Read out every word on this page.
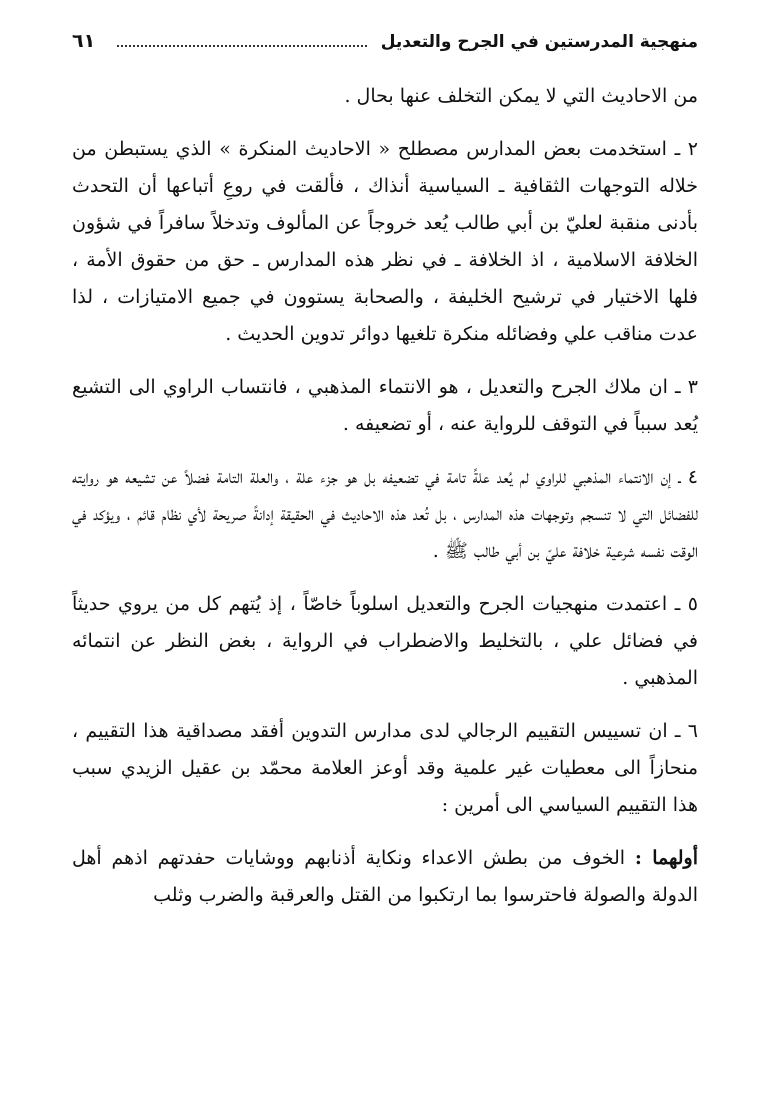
منهجية المدرستين في الجرح والتعديل
٦١

من الاحاديث التي لا يمكن التخلف عنها بحال .

٢ ـ استخدمت بعض المدارس مصطلح « الاحاديث المنكرة » الذي يستبطن من خلاله التوجهات الثقافية ـ السياسية أنذاك ، فألقت في روعِ أتباعها أن التحدث بأدنى منقبة لعليّ بن أبي طالب يُعد خروجاً عن المألوف وتدخلاً سافراً في شؤون الخلافة الاسلامية ، اذ الخلافة ـ في نظر هذه المدارس ـ حق من حقوق الأمة ، فلها الاختيار في ترشيح الخليفة ، والصحابة يستوون في جميع الامتيازات ، لذا عدت مناقب علي وفضائله منكرة تلغيها دوائر تدوين الحديث .

٣ ـ ان ملاك الجرح والتعديل ، هو الانتماء المذهبي ، فانتساب الراوي الى التشيع يُعد سبباً في التوقف للرواية عنه ، أو تضعيفه .

٤ ـ إن الانتماء المذهبي للراوي لم يُعد علةً تامة في تضعيفه بل هو جزء علة ، والعلة التامة فضلاً عن تشيعه هو روايته للفضائل التي لا تنسجم وتوجهات هذه المدارس ، بل تُعد هذه الاحاديث في الحقيقة إدانةً صريحة لأي نظام قائم ، ويؤكد في الوقت نفسه شرعية خلافة عليّ بن أبي طالب ﷺ .

٥ ـ اعتمدت منهجيات الجرح والتعديل اسلوباً خاصّاً ، إذ يُتهم كل من يروي حديثاً في فضائل علي ، بالتخليط والاضطراب في الرواية ، بغض النظر عن انتمائه المذهبي .

٦ ـ ان تسييس التقييم الرجالي لدى مدارس التدوين أفقد مصداقية هذا التقييم ، منحازاً الى معطيات غير علمية وقد أوعز العلامة محمّد بن عقيل الزيدي سبب هذا التقييم السياسي الى أمرين :

أولهما : الخوف من بطش الاعداء ونكاية أذنابهم ووشايات حفدتهم اذهم أهل الدولة والصولة فاحترسوا بما ارتكبوا من القتل والعرقبة والضرب وثلب
